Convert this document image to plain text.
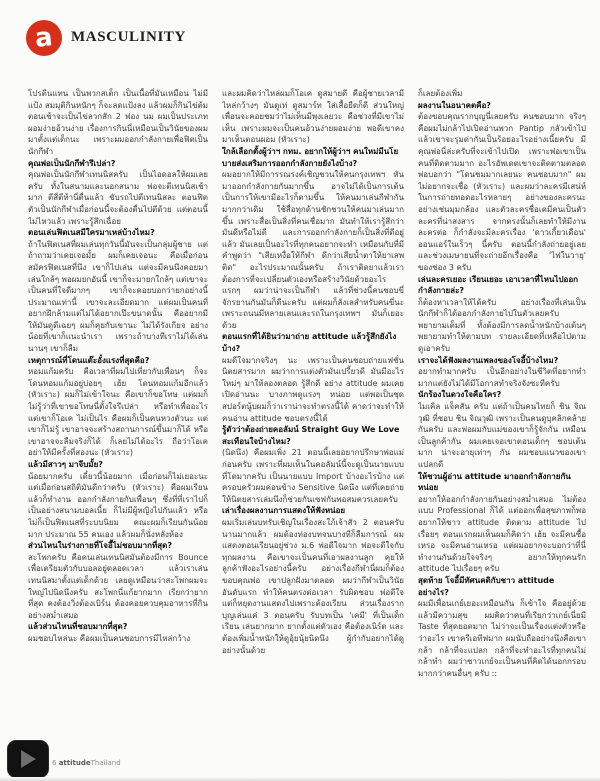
a MASCULINITY

โปรตีนแทน เป็นพวกสเต็ก เป็นเนื้อที่มันเหมือน ไม่มีแป้ง สมมุติกินหนักๆ ก็จะลดแป้งลง แล้วผมก็กินไข่ต้ม ตอนเช้าจะเป็นไข่ลวกสัก 2 ฟอง นม ผมเป็นประเภทผอมง่ายอ้วนง่าย เรื่องการกินนี่เหมือนเป็นวินัยของผมมาตั้งแต่เด็กนะ เพราะผมออกกำลังกายเพื่อฟิตเป็นนักกีฬา

คุณพ่อเป็นนักกีฬารึเปล่า?

คุณพ่อเป็นนักกีฬาเทนนิสครับ เป็นไอดอลให้ผมเลยครับ ทั้งในสนามและนอกสนาม พ่อจะตีเทนนิสเช้ามาก ตีสี่ตีห้านี่ตื่นแล้ว ขับรถไปตีเทนนิสละ ตอนฟิตตัวเป็นนักกีฬาเมื่อก่อนนี้จะต้องตื่นไปตีด้วย แต่ตอนนี้ไม่ไหวแล้ว เพราะรู้สึกเฉื่อย

ตอนเล่นฟิตเนสมีใครมาเหล่บ้างไหม?

ถ้าในฟิตเนสที่ผมเล่นทุกวันนี้มันจะเป็นกลุ่มผู้ชาย แต่ถ้าถามว่าเคยเจอมั้ย ผมก็เคยเจอนะ คือเมื่อก่อนสมัครฟิตเนสที่นึง เขาก็ไปเล่น แต่จะมีคนนึงคอยมาเล่นใกล้ๆ พอผมยกอันนี้ เขาก็จะมายกใกล้ๆ แต่เขาจะเป็นคนที่ใจดีมากๆ เขาก็จะคอยบอกว่ายกอย่างนี้ ประมาณเท่านี้ เขาจะละเอียดมาก แต่ผมเป็นคนที่อยากฝึกล้ามแต่ไม่ได้อยากเป๊ะขนาดนั้น คืออยากมีให้มันดูดีเฉยๆ ผมก็คุยกับเขานะ ไม่ได้รังเกียจ อย่างน้อยที่เขาก็แนะนำเรา เพราะถ้าบางทีเราไม่ได้เล่นนานๆ เขาก็ลืม

เหตุการณ์ที่โดนแต๊ะอั๋งแรงที่สุดคือ?

หอมแก้มครับ คือเวลาที่ผมไปเที่ยวกับเพื่อนๆ ก็จะโดนหอมแก้มอยู่บ่อยๆ เฮ้ย โดนหอมแก้มอีกแล้ว (หัวเราะ) ผมก็ไม่เข้าใจนะ คือเขาก็ขอโทษ แต่ผมก็ไม่รู้ว่าที่เขาขอโทษนี่ตั้งใจรึเปล่า หรือทำเพื่ออะไร แต่เขาก็โอเค ไม่เป็นไร คือผมก็เป็นคนหวงตัวนะ แต่เขาก็ไม่รู้ เขาอาจจะสร้างสถานการณ์ขึ้นมาก็ได้ หรือเขาอาจจะลืมจริงก็ได้ ก็เลยไม่ได้อะไร ถือว่าโอเค อย่าให้มีครั้งที่สองนะ (หัวเราะ)

แล้วมีสาวๆ มาจีบมั้ย?

น้อยมากครับ เดี๋ยวนี้น้อยมาก เมื่อก่อนก็ไม่เยอะนะ แต่เมื่อก่อนสถิติมันดีกว่าครับ (หัวเราะ) คือผมเรียนแล้วก็ทำงาน ออกกำลังกายกับเพื่อนๆ ซึ่งที่ที่เราไปก็เป็นอย่างสนามบอลเนี้ย ก็ไม่มีผู้หญิงไปกันแล้ว หรือไม่ก็เป็นฟิตเนสที่ระบบนิยม คณะผมก็เรียนกันน้อยมาก ประมาณ 55 คนเอง แล้วผมก็นั่งหลังห้อง

ส่วนไหนในร่างกายที่โจอี้ไม่ชอบมากที่สุด?

สะโพกครับ คือคนเล่นเทนนิสมันต้องมีการ Bounce เพื่อเตรียมตัวกับบอลอยู่ตลอดเวลา แล้วเราเล่นเทนนิสมาตั้งแต่เด็กด้วย เลยดูเหมือนว่าสะโพกผมจะใหญ่ไปนิดนึงครับ สะโพกนี่แก้ยากมาก เรียกว่ายากที่สุด คงต้องวิ่งต้องเบิร์น ต้องคอยควบคุมอาหารที่กินอย่างสม่ำเสมอ

แล้วส่วนไหนที่ชอบมากที่สุด?

ผมชอบไหล่นะ คือผมเป็นคนชอบการมีไหล่กว้าง

และผมคิดว่าไหล่ผมก็โอเค ดูสมายดี คือผู้ชายเวลามีไหล่กว้างๆ มันดูเท่ ดูสมาร์ท ใส่เสื้อยืดก็ดี ส่วนใหญ่เพื่อนจะคอยชมว่าไม่เห็นมีพุงเลยวะ คือช่วงที่มีเขาไม่เห็น เพราะผมจะเป็นคนอ้วนง่ายผอมง่าย พอดีเขาคงมาเห็นตอนผอม (หัวเราะ)

ใกล้เลือกตั้งผู้ว่าฯ กทม. อยากให้ผู้ว่าฯ คนใหม่มีนโยบายส่งเสริมการออกกำลังกายยังไงบ้าง?

ผมอยากให้มีการรณรงค์เชิญชวนให้คนกรุงเทพฯ หันมาออกกำลังกายกันมากขึ้น อาจไม่ได้เป็นการเต้น เป็นการให้เขามีอะไรก็ตามขึ้น ให้คนมาเล่นกีฬากันมากกว่าเดิม ใช้สื่อทุกด้านชักชวนให้คนมาเล่นมากขึ้น เพราะสื่อเป็นสิ่งที่คนเชื่อมาก มันทำให้เรารู้สึกว่ามันดีหรือไม่ดี และการออกกำลังกายก็เป็นสิ่งที่ดีอยู่แล้ว มันเลยเป็นอะไรที่ทุกคนอยากจะทำ เหมือนกับที่มีคำพูดว่า "เสียเหงื่อให้กีฬา ดีกว่าเสียน้ำตาให้ยาเสพติด" อะไรประมาณนั้นครับ ถ้าเราติดยาแล้วเราต้องการที่จะเปลี่ยนตัวเองหรือสร้างวินัยด้วยอะไร แรกๆ ผมว่าน่าจะเป็นกีฬา แล้วที่ช่วงนี้คนชอบขี่จักรยานกันมันก็ดีนะครับ แต่ผมก็ลังเลสำหรับคนขี่นะ เพราะถนนมีหลายเลนและรถในกรุงเทพฯ มันก็เยอะด้วย

ตอนแรกที่ได้ยินว่ามาถ่าย attitude แล้วรู้สึกยังไงบ้าง?

ผมดีใจมากจริงๆ นะ เพราะเป็นคนชอบถ่ายแฟชั่นนิตยสารมาก ผมว่าการแต่งตัวมันเปรี้ยวดี มันมีอะไรใหม่ๆ มาให้ลองตลอด รู้สึกดี อย่าง attitude ผมเคยเปิดอ่านนะ บางภาพดูแรงๆ หน่อย แต่พอเป็นชุดสปอร์ตนู้บผมก็ว่าเราน่าจะทำตรงนี้ได้ คาดว่าจะทำให้คนอ่าน attitude ชอบตรงนี้ได้

รู้ตัวว่าต้องถ่ายคอลัมน์ Straight Guy We Love สะเทือนใจบ้างไหม?

(นิดนึง) คือผมเพิ่ง 21 ตอนนี้เลยอยากปรึกษาพ่อแม่ก่อนครับ เพราะที่ผมเห็นในคอลัมน์นี้จะดูเป็นนายแบบที่โตมากครับ เป็นนายแบบ Import บ้างอะไรบ้าง แต่ครอบครัวผมค่อนข้าง Sensitive นิดนึง แต่ที่เคยถ่ายให้นิตยสารเล่มนึงก็ช่วยกันเซฟกันพอสมควรเลยครับ

เล่าเรื่องผลงานการแสดงให้ฟังหน่อย

ผมเริ่มเล่นบทรับเชิญในเรื่องสะใภ้เจ้าสัว 2 ตอนครับ นานมากแล้ว ผมต้องท่องบทจนบางทีก็ลืมการณ์ ผมแสดงตอนเรียนอยู่ช่วง ม.6 พ่อดีใจมาก พ่อจะดีใจกับทุกผลงาน คือเขาจะเป็นคนที่เอาผลงานลูก คุยให้ลูกค้าฟังอะไรอย่างนี้ครับ อย่างเรื่องกีฬานี่ผมก็ต้องขอบคุณพ่อ เขาปลูกฝังมาตลอด ผมว่ากีฬาเป็นวินัยอันดับแรก ทำให้คนตรงต่อเวลา รับผิดชอบ พ่อดีใจ แต่ก็หยุดงานแสดงไปเพราะต้องเรียน ส่วนเรื่องรากบุญเล่นแค่ 3 ตอนครับ รับบทเป็น 'เคมี' ที่เป็นเด็กเรียน เล่นยากมาก ยากตั้งแต่ตัวเอง คือต้องเนิร์ด และต้องเพิ่มน้ำหนักให้ดูอุ้ยนุ้ยนิดนึง ผู้กำกับอยากได้ดูอย่างนั้นด้วย

ก็เลยต้องเพิ่ม

ผลงานในอนาคตคือ?

ต้องขอบคุณรากบุญนี่เลยครับ คนชอบมาก จริงๆ คือผมไม่กล้าไปเปิดอ่านพวก Pantip กลัวเข้าไปแล้วเขาจะรุมด่ากันเป็นร้อยอะไรอย่างเนี้ยครับ มีคุณพ่อนี่ล่ะครับที่จะเข้าไปเปิด เพราะพ่อเขาเป็นคนที่ติดตามมาก อะไรอัพเดตเขาจะติดตามตลอด พ่อบอกว่า "โดนชมมากเลยนะ คนชอบมาก" ผมไม่อยากจะเชื่อ (หัวเราะ) และผมว่าละครมีเสน่ห์ในการถ่ายทอดอะไรหลายๆ อย่างของละครนะ อย่างเช่นมุมกล้อง และตัวละครชื่อเคมีคนเป็นตัวละครที่น่าสงสาร จากตรงนั้นก็เลยทำให้มีงานละครต่อ ก็กำลังจะมีละครเรื่อง 'ดาวเกี้ยวเดือน' ออนแอร์ในเร็วๆ นี้ครับ ตอนนี้กำลังถ่ายอยู่เลย และช่วงเมษายนที่จะถ่ายอีกเรื่องคือ 'ไฟในวายุ' ของช่อง 3 ครับ

เล่นละครเยอะ เรียนเยอะ เอาเวลาที่ไหนไปออกกำลังกายล่ะ?

ก็ต้องหาเวลาให้ได้ครับ อย่างเรื่องที่เล่นเป็นนักกีฬาก็ได้ออกกำลังกายไปในตัวเลยครับ พยายามเต็มที่ ทั้งต้องมีการลดน้ำหนักบ้างเต้นๆ พยายามทำให้ตามบท รายละเอียดที่เหลือไปตามดูเอาครับ

เราจะได้ฟังผลงานเพลงของโจอี้บ้างไหม?

อยากทำมากครับ เป็นอีกอย่างในชีวิตที่อยากทำมากแต่ยังไม่ได้มีโอกาสทำจริงจังซะทีครับ

นักร้องในดวงใจคือใคร?

ไมเคิล แจ็คสัน ครับ แต่ถ้าเป็นคนไทยก็ ชิน จิณวุฒิ ที่ชอบ ชิน จิณวุฒิ เพราะเป็นคนดูบุคลิกคล้ายกันครับ และพ่อผมกับแม่ของเขาก็รู้จักกัน เหมือนเป็นลูกค้ากัน ผมเคยเจอเขาตอนเด็กๆ ชอบเต้นมาก น่าจะอายุเท่าๆ กัน ผมชอบแนวของเขา แปลกดี

ให้ชวนผู้อ่าน attitude มาออกกำลังกายกันหน่อย

อยากให้ออกกำลังกายกันอย่างสม่ำเสมอ ไม่ต้องแบบ Professional ก็ได้ แต่ออกเพื่อสุขภาพก็พอ อยากให้ชาว attitude ติดตาม attitude ไปเรื่อยๆ ตอนแรกผมเห็นผมก็คิดว่า เฮ้ย จะมีคนซื้อเหรอ จะมีคนอ่านเหรอ แต่ผมอยากจะบอกว่าที่นี่ทำงานกันด้วยใจจริงๆ อยากให้ทุกคนรัก attitude ไปเรื่อยๆ ครับ

สุดท้าย โจอี้มีทัศนคติกับชาว attitude อย่างไร?

ผมมีเพื่อนเกย์เยอะเหมือนกัน ก็เข้าใจ คืออยู่ด้วยแล้วมีความสุข ผมคิดว่าคนที่เรียกว่าเกย์เนี่ยมี Taste ที่สุดยอดมาก ไม่ว่าจะเป็นเรื่องแต่งตัวหรือว่าอะไร เขาครีเอทีฟมาก ผมนับถืออย่างนึงคือเขากล้า กล้าที่จะแปลก กล้าที่จะทำอะไรที่ทุกคนไม่กล้าทำ ผมว่าชาวเกย์จะเป็นคนที่คิดได้นอกกรอบมากกว่าคนอื่นๆ ครับ ::

6 attitudeThailand
